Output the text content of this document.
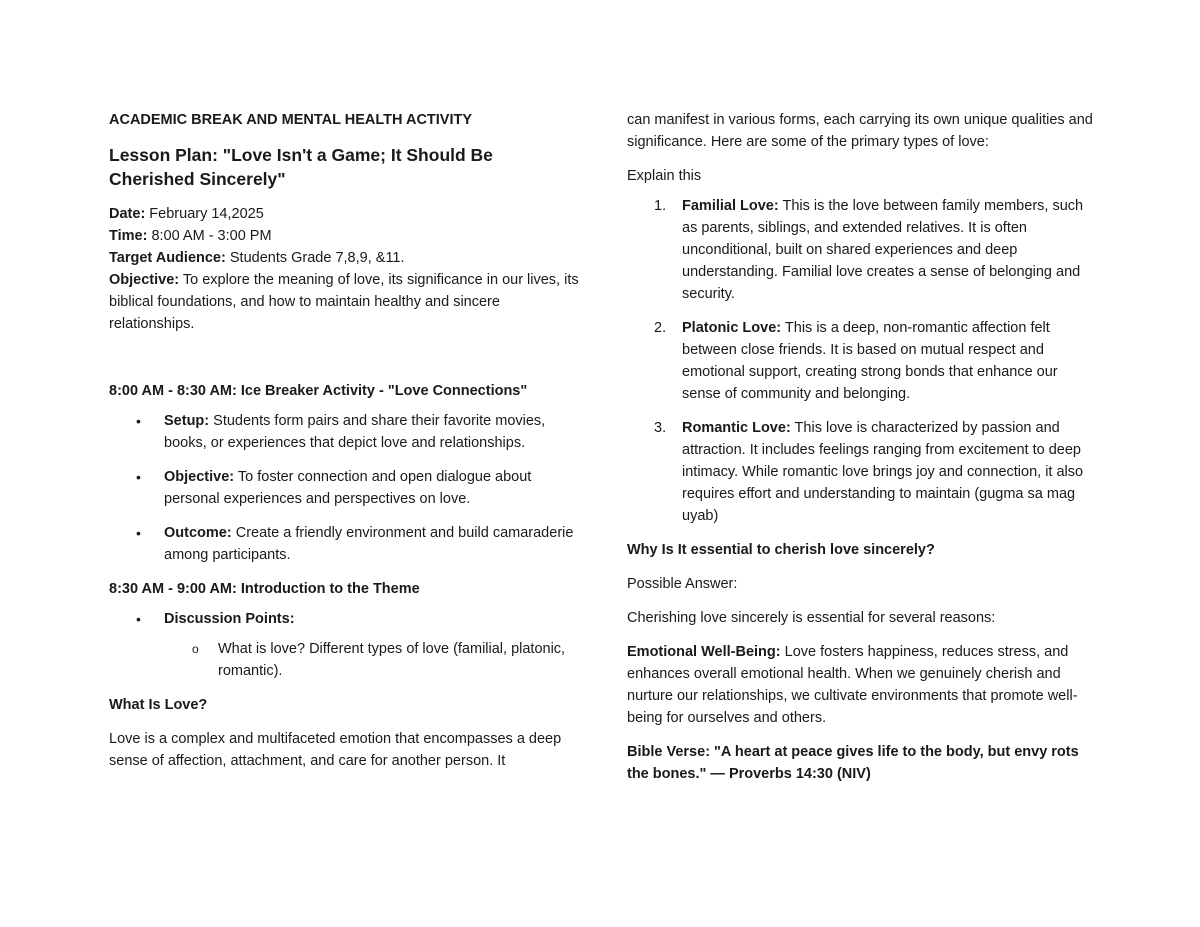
ACADEMIC BREAK AND MENTAL HEALTH ACTIVITY

Lesson Plan: "Love Isn't a Game; It Should Be Cherished Sincerely"

Date: February 14,2025

Time: 8:00 AM - 3:00 PM

Target Audience: Students Grade 7,8,9, &11.

Objective: To explore the meaning of love, its significance in our lives, its biblical foundations, and how to maintain healthy and sincere relationships.

8:00 AM - 8:30 AM: Ice Breaker Activity - "Love Connections"

• Setup: Students form pairs and share their favorite movies, books, or experiences that depict love and relationships.
• Objective: To foster connection and open dialogue about personal experiences and perspectives on love.
• Outcome: Create a friendly environment and build camaraderie among participants.

8:30 AM - 9:00 AM: Introduction to the Theme

• Discussion Points:
o What is love? Different types of love (familial, platonic, romantic).

What Is Love?

Love is a complex and multifaceted emotion that encompasses a deep sense of affection, attachment, and care for another person. It

can manifest in various forms, each carrying its own unique qualities and significance. Here are some of the primary types of love:

Explain this

1. Familial Love: This is the love between family members, such as parents, siblings, and extended relatives. It is often unconditional, built on shared experiences and deep understanding. Familial love creates a sense of belonging and security.
2. Platonic Love: This is a deep, non-romantic affection felt between close friends. It is based on mutual respect and emotional support, creating strong bonds that enhance our sense of community and belonging.
3. Romantic Love: This love is characterized by passion and attraction. It includes feelings ranging from excitement to deep intimacy. While romantic love brings joy and connection, it also requires effort and understanding to maintain (gugma sa mag uyab)

Why Is It essential to cherish love sincerely?

Possible Answer:

Cherishing love sincerely is essential for several reasons:

Emotional Well-Being: Love fosters happiness, reduces stress, and enhances overall emotional health. When we genuinely cherish and nurture our relationships, we cultivate environments that promote well-being for ourselves and others.

Bible Verse: "A heart at peace gives life to the body, but envy rots the bones." — Proverbs 14:30 (NIV)
